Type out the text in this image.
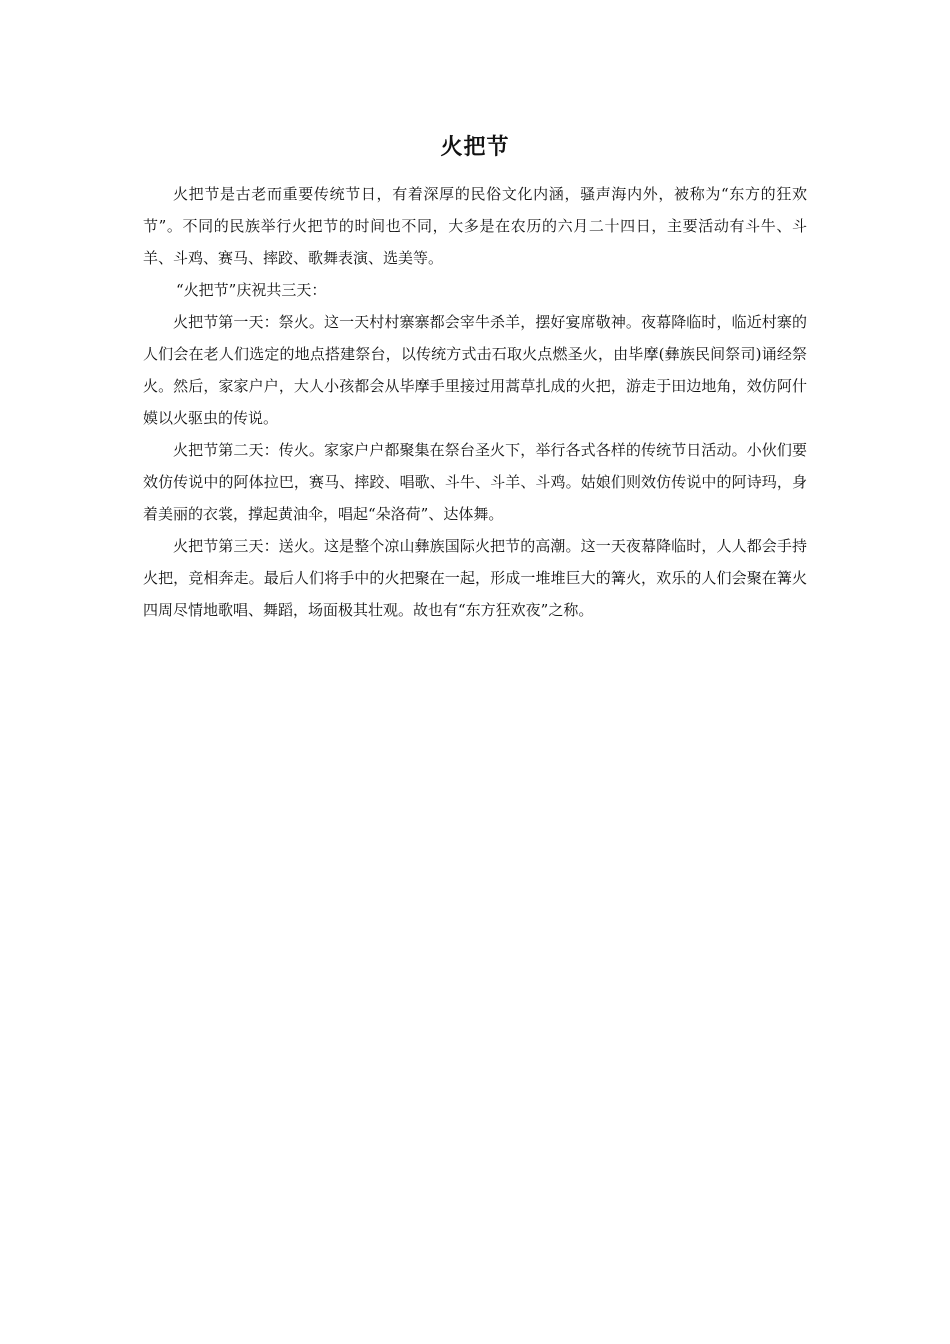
火把节

火把节是古老而重要传统节日，有着深厚的民俗文化内涵，骚声海内外，被称为“东方的狂欢节”。不同的民族举行火把节的时间也不同，大多是在农历的六月二十四日，主要活动有斗牛、斗羊、斗鸡、赛马、摔跤、歌舞表演、选美等。

“火把节”庆祝共三天：

火把节第一天：祭火。这一天村村寨寨都会宰牛杀羊，摆好宴席敬神。夜幕降临时，临近村寨的人们会在老人们选定的地点搭建祭台，以传统方式击石取火点燃圣火，由毕摩(彝族民间祭司)诵经祭火。然后，家家户户，大人小孩都会从毕摩手里接过用蒿草扎成的火把，游走于田边地角，效仿阿什嫫以火驱虫的传说。

火把节第二天：传火。家家户户都聚集在祭台圣火下，举行各式各样的传统节日活动。小伙们要效仿传说中的阿体拉巴，赛马、摔跤、唱歌、斗牛、斗羊、斗鸡。姑娘们则效仿传说中的阿诗玛，身着美丽的衣裳，撑起黄油伞，唱起“朵洛荷”、达体舞。

火把节第三天：送火。这是整个凉山彝族国际火把节的高潮。这一天夜幕降临时，人人都会手持火把，竞相奔走。最后人们将手中的火把聚在一起，形成一堆堆巨大的篝火，欢乐的人们会聚在篝火四周尽情地歌唱、舞蹈，场面极其壮观。故也有“东方狂欢夜”之称。
